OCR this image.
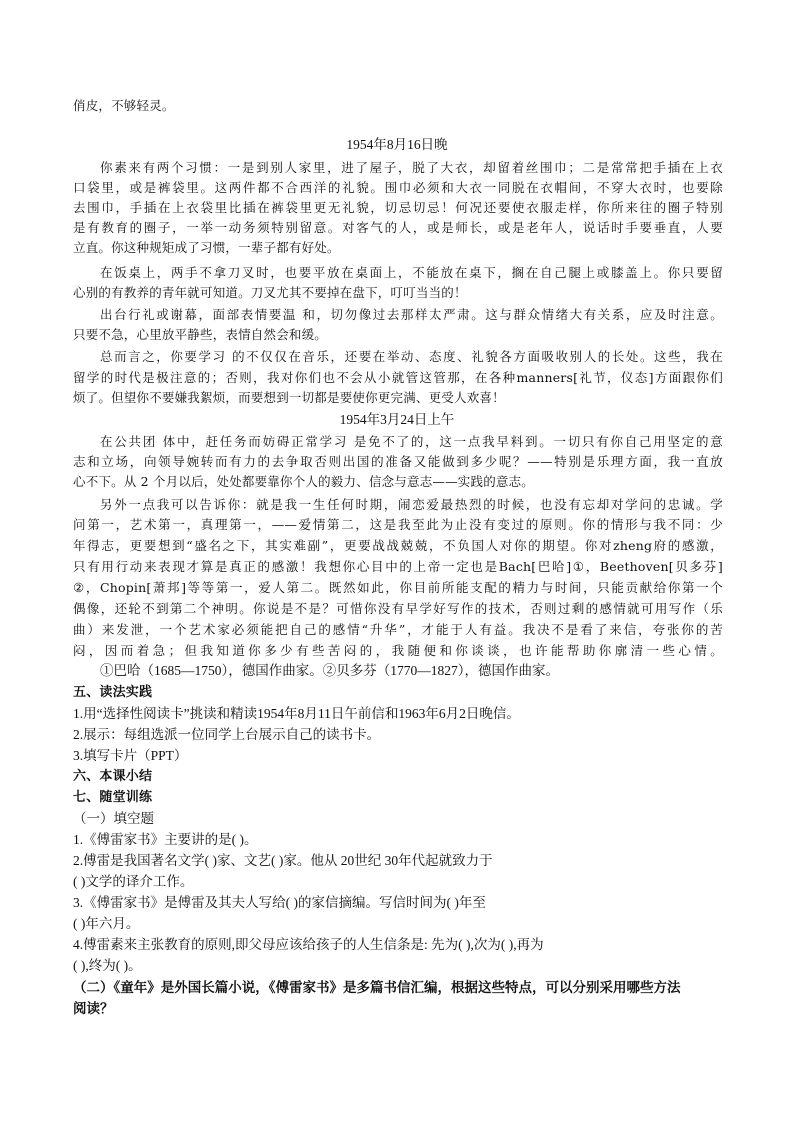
俏皮，不够轻灵。
1954年8月16日晚
你素来有两个习惯：一是到别人家里，进了屋子，脱了大衣，却留着丝围巾；二是常常把手插在上衣
口袋里，或是裤袋里。这两件都不合西洋的礼貌。围巾必须和大衣一同脱在衣帽间，不穿大衣时，也要除
去围巾，手插在上衣袋里比插在裤袋里更无礼貌，切忌切忌！何况还要使衣服走样，你所来往的圈子特别
是有教育的圈子，一举一动务须特别留意。对客气的人，或是师长，或是老年人，说话时手要垂直，人要
立直。你这种规矩成了习惯，一辈子都有好处。
在饭桌上，两手不拿刀叉时，也要平放在桌面上，不能放在桌下，搁在自己腿上或膝盖上。你只要留
心别的有教养的青年就可知道。刀叉尤其不要掉在盘下，叮叮当当的！
出台行礼或谢幕，面部表情要温 和，切勿像过去那样太严肃。这与群众情绪大有关系，应及时注意。
只要不急，心里放平静些，表情自然会和缓。
总而言之，你要学习 的不仅仅在音乐，还要在举动、态度、礼貌各方面吸收别人的长处。这些，我在
留学的时代是极注意的；否则，我对你们也不会从小就管这管那，在各种manners[礼节，仪态]方面跟你们
烦了。但望你不要嫌我絮烦，而要想到一切都是要使你更完满、更受人欢喜！
1954年3月24日上午
在公共团 体中，赶任务而妨碍正常学习 是免不了的，这一点我早料到。一切只有你自己用坚定的意
志和立场，向领导婉转而有力的去争取否则出国的准备又能做到多少呢？——特别是乐理方面，我一直放
心不下。从 2 个月以后，处处都要靠你个人的毅力、信念与意志——实践的意志。
另外一点我可以告诉你：就是我一生任何时期，闹恋爱最热烈的时候，也没有忘却对学问的忠诚。学
问第一，艺术第一，真理第一，——爱情第二，这是我至此为止没有变过的原则。你的情形与我不同：少
年得志，更要想到“盛名之下，其实难副”，更要战战兢兢，不负国人对你的期望。你对zheng府的感激，
只有用行动来表现才算是真正的感激！我想你心目中的上帝一定也是Bach[巴哈]①，Beethoven[贝多芬]
②，Chopin[萧邦]等等第一，爱人第二。既然如此，你目前所能支配的精力与时间，只能贡献给你第一个
偶像，还轮不到第二个神明。你说是不是？可惜你没有早学好写作的技术，否则过剩的感情就可用写作（乐
曲）来发泄，一个艺术家必须能把自己的感情“升华”，才能于人有益。我决不是看了来信，夸张你的苦
闷，因而着急；但我知道你多少有些苦闷的，我随便和你谈谈，也许能帮助你廓清一些心情。
①巴哈（1685—1750），德国作曲家。②贝多芬（1770—1827），德国作曲家。
五、读法实践
1.用“选择性阅读卡”挑读和精读1954年8月11日午前信和1963年6月2日晚信。
2.展示：每组选派一位同学上台展示自己的读书卡。
3.填写卡片（PPT）
六、本课小结
七、随堂训练
（一）填空题
1.《傅雷家书》主要讲的是( )。
2.傅雷是我国著名文学( )家、文艺( )家。他从 20世纪 30年代起就致力于
( )文学的译介工作。
3.《傅雷家书》是傅雷及其夫人写给( )的家信摘编。写信时间为( )年至
( )年六月。
4.傅雷素来主张教育的原则,即父母应该给孩子的人生信条是: 先为( ),次为( ),再为
( ),终为( )。
（二）《童年》是外国长篇小说，《傅雷家书》是多篇书信汇编，根据这些特点，可以分别采用哪些方法
阅读？
